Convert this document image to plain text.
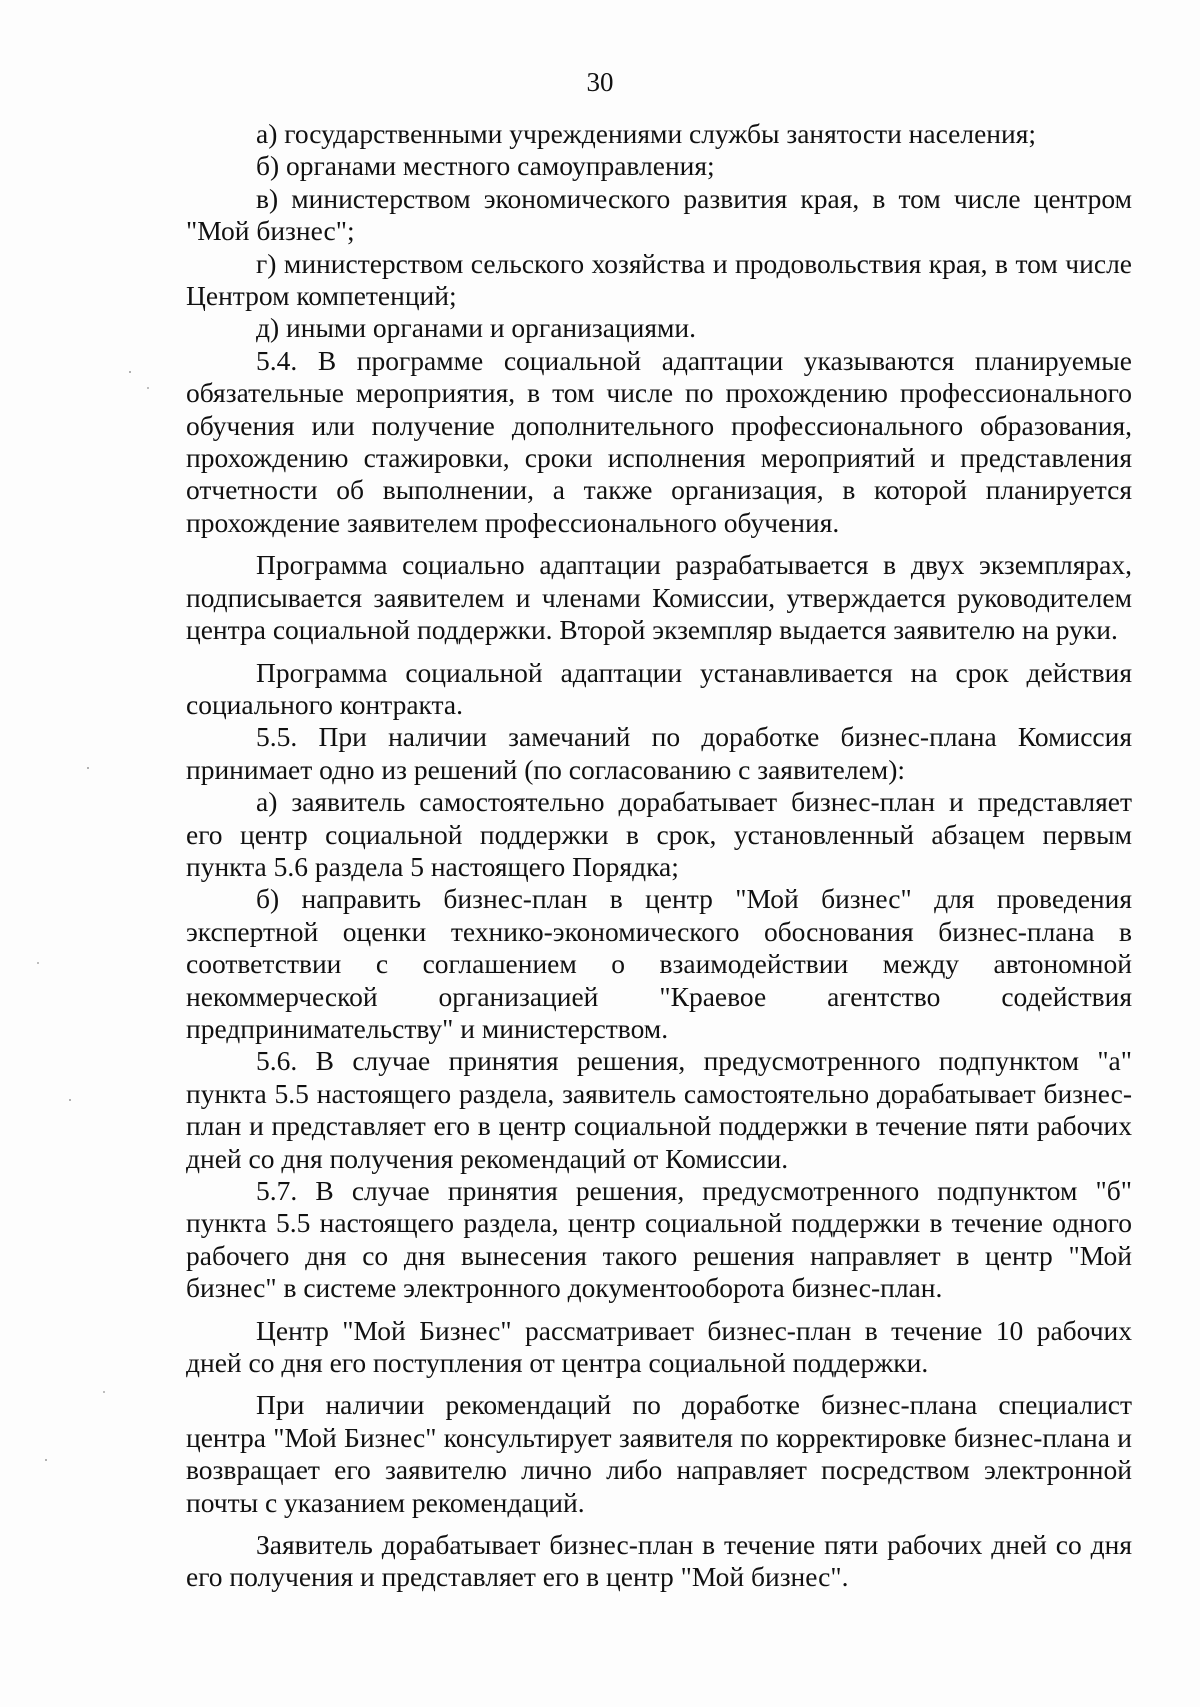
30

а) государственными учреждениями службы занятости населения;

б) органами местного самоуправления;

в) министерством экономического развития края, в том числе центром "Мой бизнес";

г) министерством сельского хозяйства и продовольствия края, в том числе Центром компетенций;

д) иными органами и организациями.

5.4. В программе социальной адаптации указываются планируемые обязательные мероприятия, в том числе по прохождению профессионального обучения или получение дополнительного профессионального образования, прохождению стажировки, сроки исполнения мероприятий и представления отчетности об выполнении, а также организация, в которой планируется прохождение заявителем профессионального обучения.

Программа социально адаптации разрабатывается в двух экземплярах, подписывается заявителем и членами Комиссии, утверждается руководителем центра социальной поддержки. Второй экземпляр выдается заявителю на руки.

Программа социальной адаптации устанавливается на срок действия социального контракта.

5.5. При наличии замечаний по доработке бизнес-плана Комиссия принимает одно из решений (по согласованию с заявителем):

а) заявитель самостоятельно дорабатывает бизнес-план и представляет его центр социальной поддержки в срок, установленный абзацем первым пункта 5.6 раздела 5 настоящего Порядка;

б) направить бизнес-план в центр "Мой бизнес" для проведения экспертной оценки технико-экономического обоснования бизнес-плана в соответствии с соглашением о взаимодействии между автономной некоммерческой организацией "Краевое агентство содействия предпринимательству" и министерством.

5.6. В случае принятия решения, предусмотренного подпунктом "а" пункта 5.5 настоящего раздела, заявитель самостоятельно дорабатывает бизнес-план и представляет его в центр социальной поддержки в течение пяти рабочих дней со дня получения рекомендаций от Комиссии.

5.7. В случае принятия решения, предусмотренного подпунктом "б" пункта 5.5 настоящего раздела, центр социальной поддержки в течение одного рабочего дня со дня вынесения такого решения направляет в центр "Мой бизнес" в системе электронного документооборота бизнес-план.

Центр "Мой Бизнес" рассматривает бизнес-план в течение 10 рабочих дней со дня его поступления от центра социальной поддержки.

При наличии рекомендаций по доработке бизнес-плана специалист центра "Мой Бизнес" консультирует заявителя по корректировке бизнес-плана и возвращает его заявителю лично либо направляет посредством электронной почты с указанием рекомендаций.

Заявитель дорабатывает бизнес-план в течение пяти рабочих дней со дня его получения и представляет его в центр "Мой бизнес".
